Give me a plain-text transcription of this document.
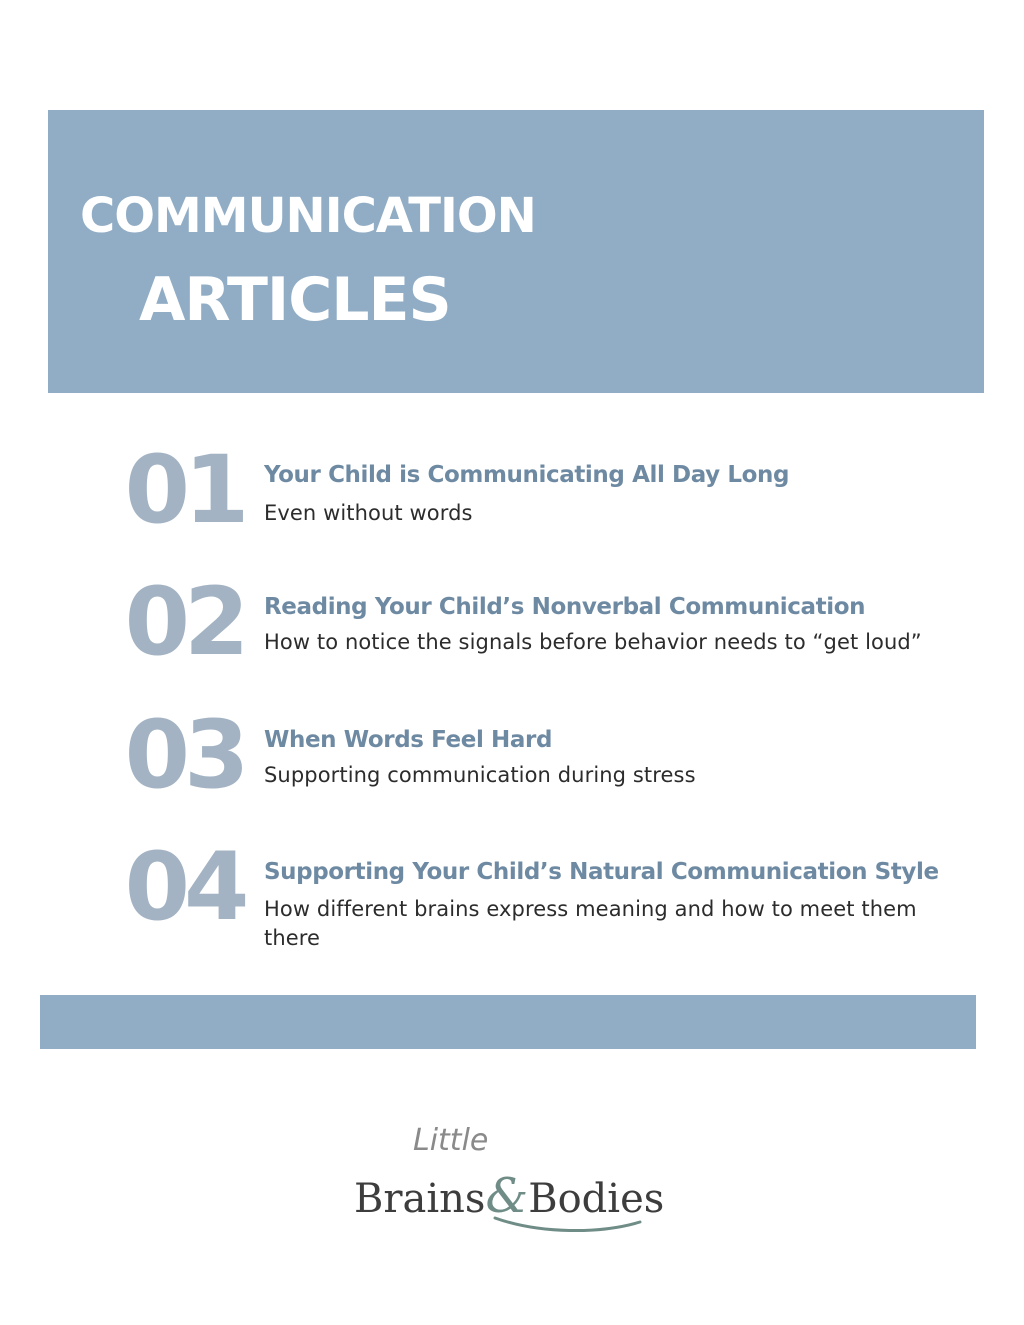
COMMUNICATION
ARTICLES
01 Your Child is Communicating All Day Long
Even without words
02 Reading Your Child’s Nonverbal Communication
How to notice the signals before behavior needs to “get loud”
03 When Words Feel Hard
Supporting communication during stress
04 Supporting Your Child’s Natural Communication Style
How different brains express meaning and how to meet them there
Little
Brains&Bodies
